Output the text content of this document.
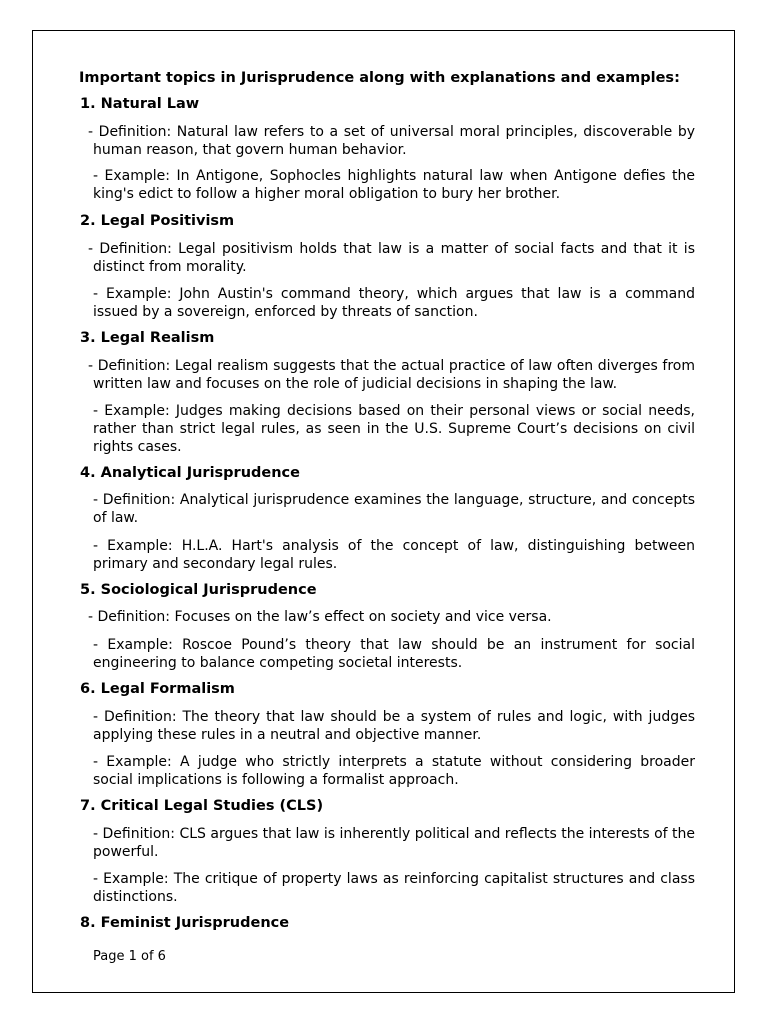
Important topics in Jurisprudence along with explanations and examples:
1. Natural Law
- Definition: Natural law refers to a set of universal moral principles, discoverable by human reason, that govern human behavior.
- Example: In Antigone, Sophocles highlights natural law when Antigone defies the king's edict to follow a higher moral obligation to bury her brother.
2. Legal Positivism
- Definition: Legal positivism holds that law is a matter of social facts and that it is distinct from morality.
- Example: John Austin's command theory, which argues that law is a command issued by a sovereign, enforced by threats of sanction.
3. Legal Realism
- Definition: Legal realism suggests that the actual practice of law often diverges from written law and focuses on the role of judicial decisions in shaping the law.
- Example: Judges making decisions based on their personal views or social needs, rather than strict legal rules, as seen in the U.S. Supreme Court’s decisions on civil rights cases.
4. Analytical Jurisprudence
- Definition: Analytical jurisprudence examines the language, structure, and concepts of law.
- Example: H.L.A. Hart's analysis of the concept of law, distinguishing between primary and secondary legal rules.
5. Sociological Jurisprudence
- Definition: Focuses on the law’s effect on society and vice versa.
- Example: Roscoe Pound’s theory that law should be an instrument for social engineering to balance competing societal interests.
6. Legal Formalism
- Definition: The theory that law should be a system of rules and logic, with judges applying these rules in a neutral and objective manner.
- Example: A judge who strictly interprets a statute without considering broader social implications is following a formalist approach.
7. Critical Legal Studies (CLS)
- Definition: CLS argues that law is inherently political and reflects the interests of the powerful.
- Example: The critique of property laws as reinforcing capitalist structures and class distinctions.
8. Feminist Jurisprudence
Page 1 of 6
